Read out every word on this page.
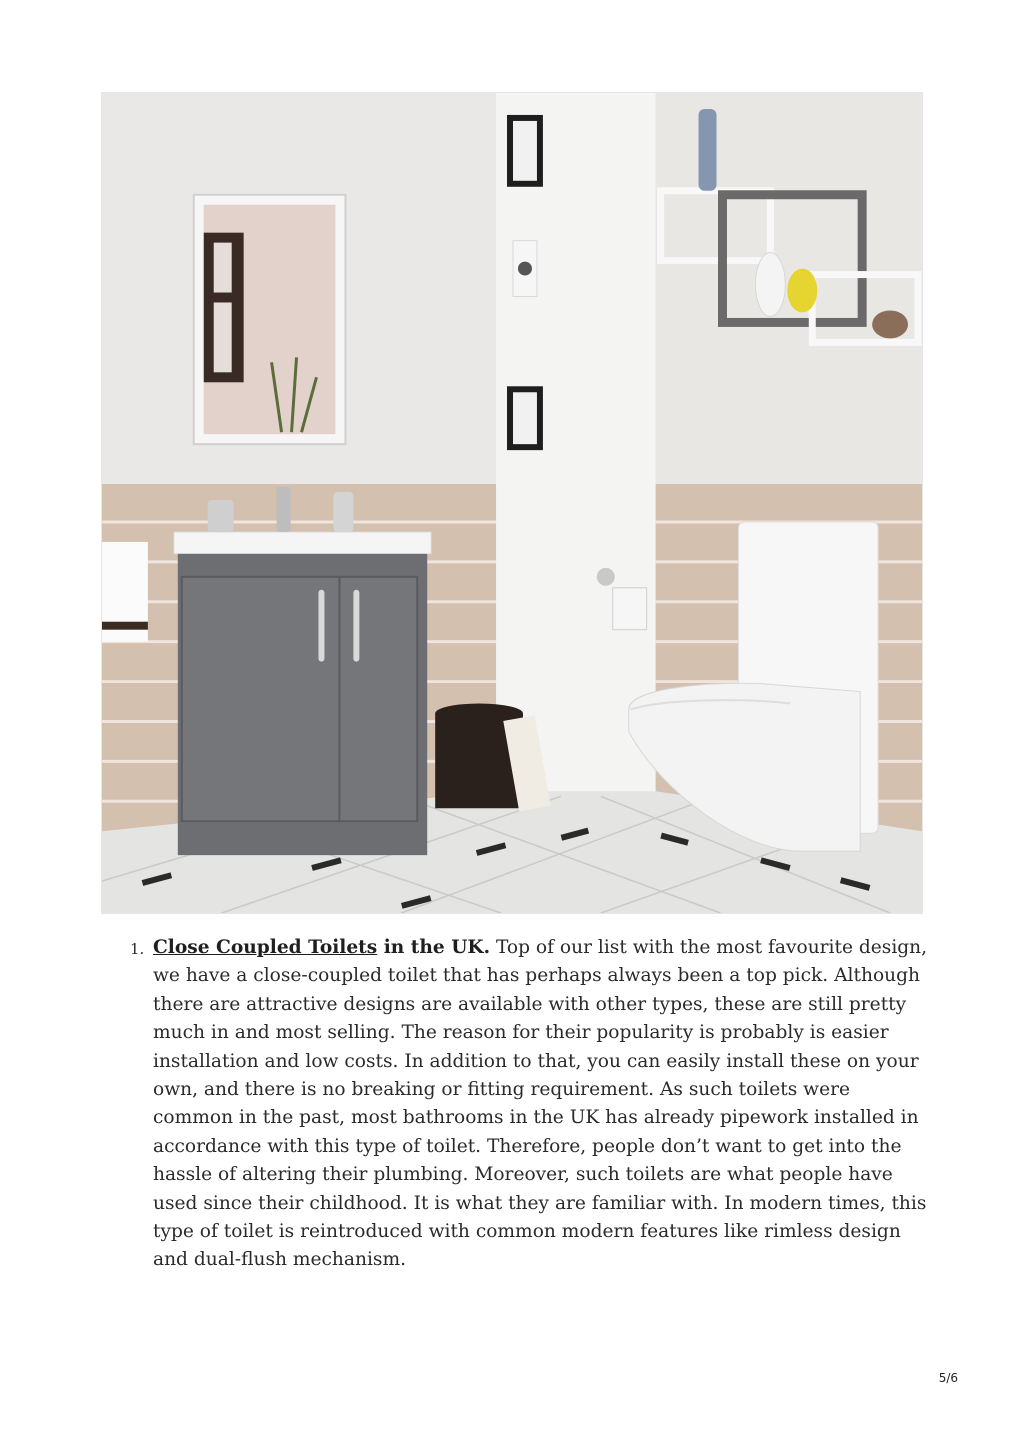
1. Close Coupled Toilets in the UK. Top of our list with the most favourite design, we have a close-coupled toilet that has perhaps always been a top pick. Although there are attractive designs are available with other types, these are still pretty much in and most selling. The reason for their popularity is probably is easier installation and low costs. In addition to that, you can easily install these on your own, and there is no breaking or fitting requirement. As such toilets were common in the past, most bathrooms in the UK has already pipework installed in accordance with this type of toilet. Therefore, people don’t want to get into the hassle of altering their plumbing. Moreover, such toilets are what people have used since their childhood. It is what they are familiar with. In modern times, this type of toilet is reintroduced with common modern features like rimless design and dual-flush mechanism.
5/6
